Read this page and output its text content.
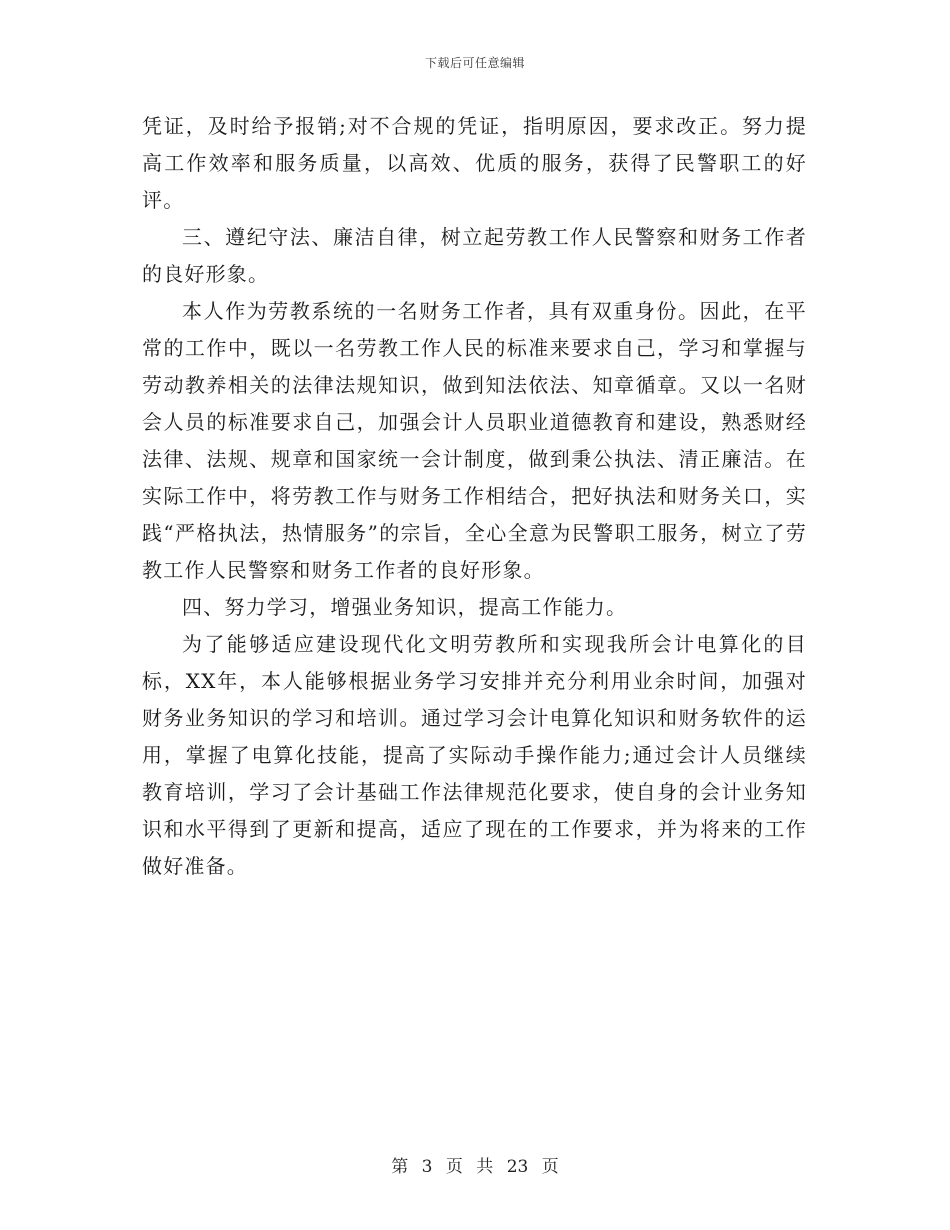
下载后可任意编辑

凭证，及时给予报销;对不合规的凭证，指明原因，要求改正。努力提高工作效率和服务质量，以高效、优质的服务，获得了民警职工的好评。

三、遵纪守法、廉洁自律，树立起劳教工作人民警察和财务工作者的良好形象。

本人作为劳教系统的一名财务工作者，具有双重身份。因此，在平常的工作中，既以一名劳教工作人民的标准来要求自己，学习和掌握与劳动教养相关的法律法规知识，做到知法依法、知章循章。又以一名财会人员的标准要求自己，加强会计人员职业道德教育和建设，熟悉财经法律、法规、规章和国家统一会计制度，做到秉公执法、清正廉洁。在实际工作中，将劳教工作与财务工作相结合，把好执法和财务关口，实践“严格执法，热情服务”的宗旨，全心全意为民警职工服务，树立了劳教工作人民警察和财务工作者的良好形象。

四、努力学习，增强业务知识，提高工作能力。

为了能够适应建设现代化文明劳教所和实现我所会计电算化的目标，XX年，本人能够根据业务学习安排并充分利用业余时间，加强对财务业务知识的学习和培训。通过学习会计电算化知识和财务软件的运用，掌握了电算化技能，提高了实际动手操作能力;通过会计人员继续教育培训，学习了会计基础工作法律规范化要求，使自身的会计业务知识和水平得到了更新和提高，适应了现在的工作要求，并为将来的工作做好准备。

第 3 页 共 23 页
